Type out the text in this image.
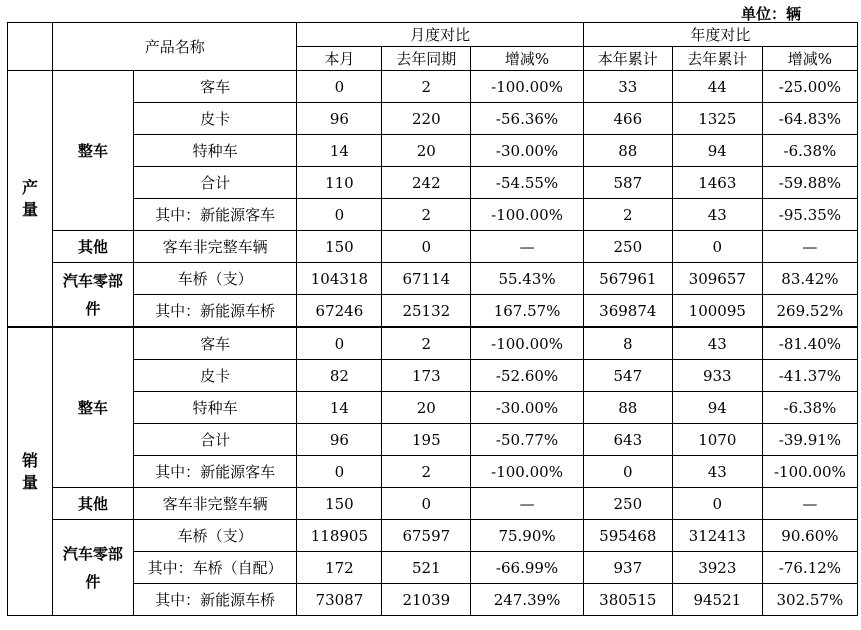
单位：辆
	产品名称		月度对比			年度对比		
			本月	去年同期	增减%	本年累计	去年累计	增减%
产量	整车	客车	0	2	-100.00%	33	44	-25.00%
		皮卡	96	220	-56.36%	466	1325	-64.83%
		特种车	14	20	-30.00%	88	94	-6.38%
		合计	110	242	-54.55%	587	1463	-59.88%
		其中：新能源客车	0	2	-100.00%	2	43	-95.35%
	其他	客车非完整车辆	150	0	—	250	0	—
	汽车零部件	车桥（支）	104318	67114	55.43%	567961	309657	83.42%
		其中：新能源车桥	67246	25132	167.57%	369874	100095	269.52%
销量	整车	客车	0	2	-100.00%	8	43	-81.40%
		皮卡	82	173	-52.60%	547	933	-41.37%
		特种车	14	20	-30.00%	88	94	-6.38%
		合计	96	195	-50.77%	643	1070	-39.91%
		其中：新能源客车	0	2	-100.00%	0	43	-100.00%
	其他	客车非完整车辆	150	0	—	250	0	—
	汽车零部件	车桥（支）	118905	67597	75.90%	595468	312413	90.60%
		其中：车桥（自配）	172	521	-66.99%	937	3923	-76.12%
		其中：新能源车桥	73087	21039	247.39%	380515	94521	302.57%
